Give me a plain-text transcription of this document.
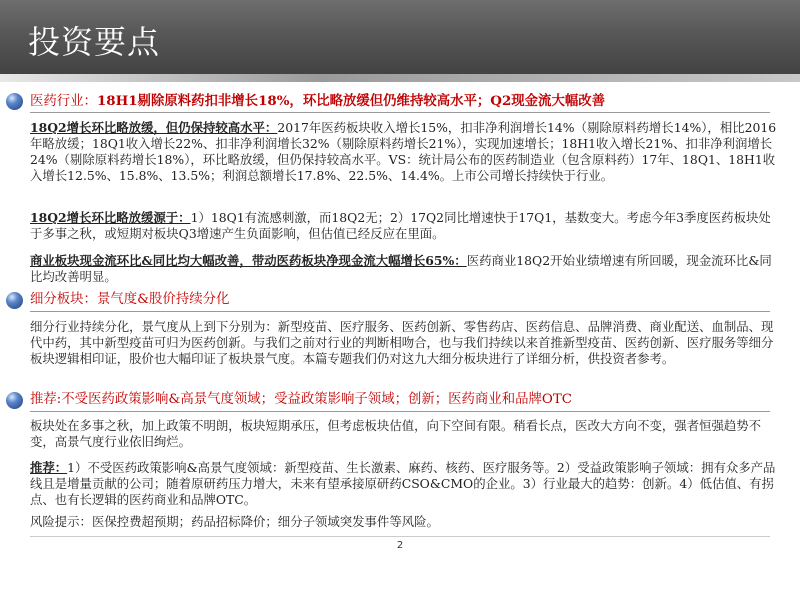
投资要点
医药行业：18H1剔除原料药扣非增长18%，环比略放缓但仍维持较高水平；Q2现金流大幅改善
18Q2增长环比略放缓，但仍保持较高水平：2017年医药板块收入增长15%，扣非净利润增长14%（剔除原料药增长14%），相比2016年略放缓；18Q1收入增长22%、扣非净利润增长32%（剔除原料药增长21%），实现加速增长；18H1收入增长21%、扣非净利润增长24%（剔除原料药增长18%），环比略放缓，但仍保持较高水平。VS：统计局公布的医药制造业（包含原料药）17年、18Q1、18H1收入增长12.5%、15.8%、13.5%；利润总额增长17.8%、22.5%、14.4%。上市公司增长持续快于行业。
18Q2增长环比略放缓源于：1）18Q1有流感刺激，而18Q2无；2）17Q2同比增速快于17Q1，基数变大。考虑今年3季度医药板块处于多事之秋，或短期对板块Q3增速产生负面影响，但估值已经反应在里面。
商业板块现金流环比&同比均大幅改善，带动医药板块净现金流大幅增长65%：医药商业18Q2开始业绩增速有所回暖，现金流环比&同比均改善明显。
细分板块：景气度&股价持续分化
细分行业持续分化，景气度从上到下分别为：新型疫苗、医疗服务、医药创新、零售药店、医药信息、品牌消费、商业配送、血制品、现代中药，其中新型疫苗可归为医药创新。与我们之前对行业的判断相吻合，也与我们持续以来首推新型疫苗、医药创新、医疗服务等细分板块逻辑相印证，股价也大幅印证了板块景气度。本篇专题我们仍对这九大细分板块进行了详细分析，供投资者参考。
推荐:不受医药政策影响&高景气度领域；受益政策影响子领域；创新；医药商业和品牌OTC
板块处在多事之秋，加上政策不明朗，板块短期承压，但考虑板块估值，向下空间有限。稍看长点，医改大方向不变，强者恒强趋势不变，高景气度行业依旧绚烂。
推荐：1）不受医药政策影响&高景气度领域：新型疫苗、生长激素、麻药、核药、医疗服务等。2）受益政策影响子领域：拥有众多产品线且是增量贡献的公司；随着原研药压力增大，未来有望承接原研药CSO&CMO的企业。3）行业最大的趋势：创新。4）低估值、有拐点、也有长逻辑的医药商业和品牌OTC。
风险提示：医保控费超预期；药品招标降价；细分子领域突发事件等风险。
2
